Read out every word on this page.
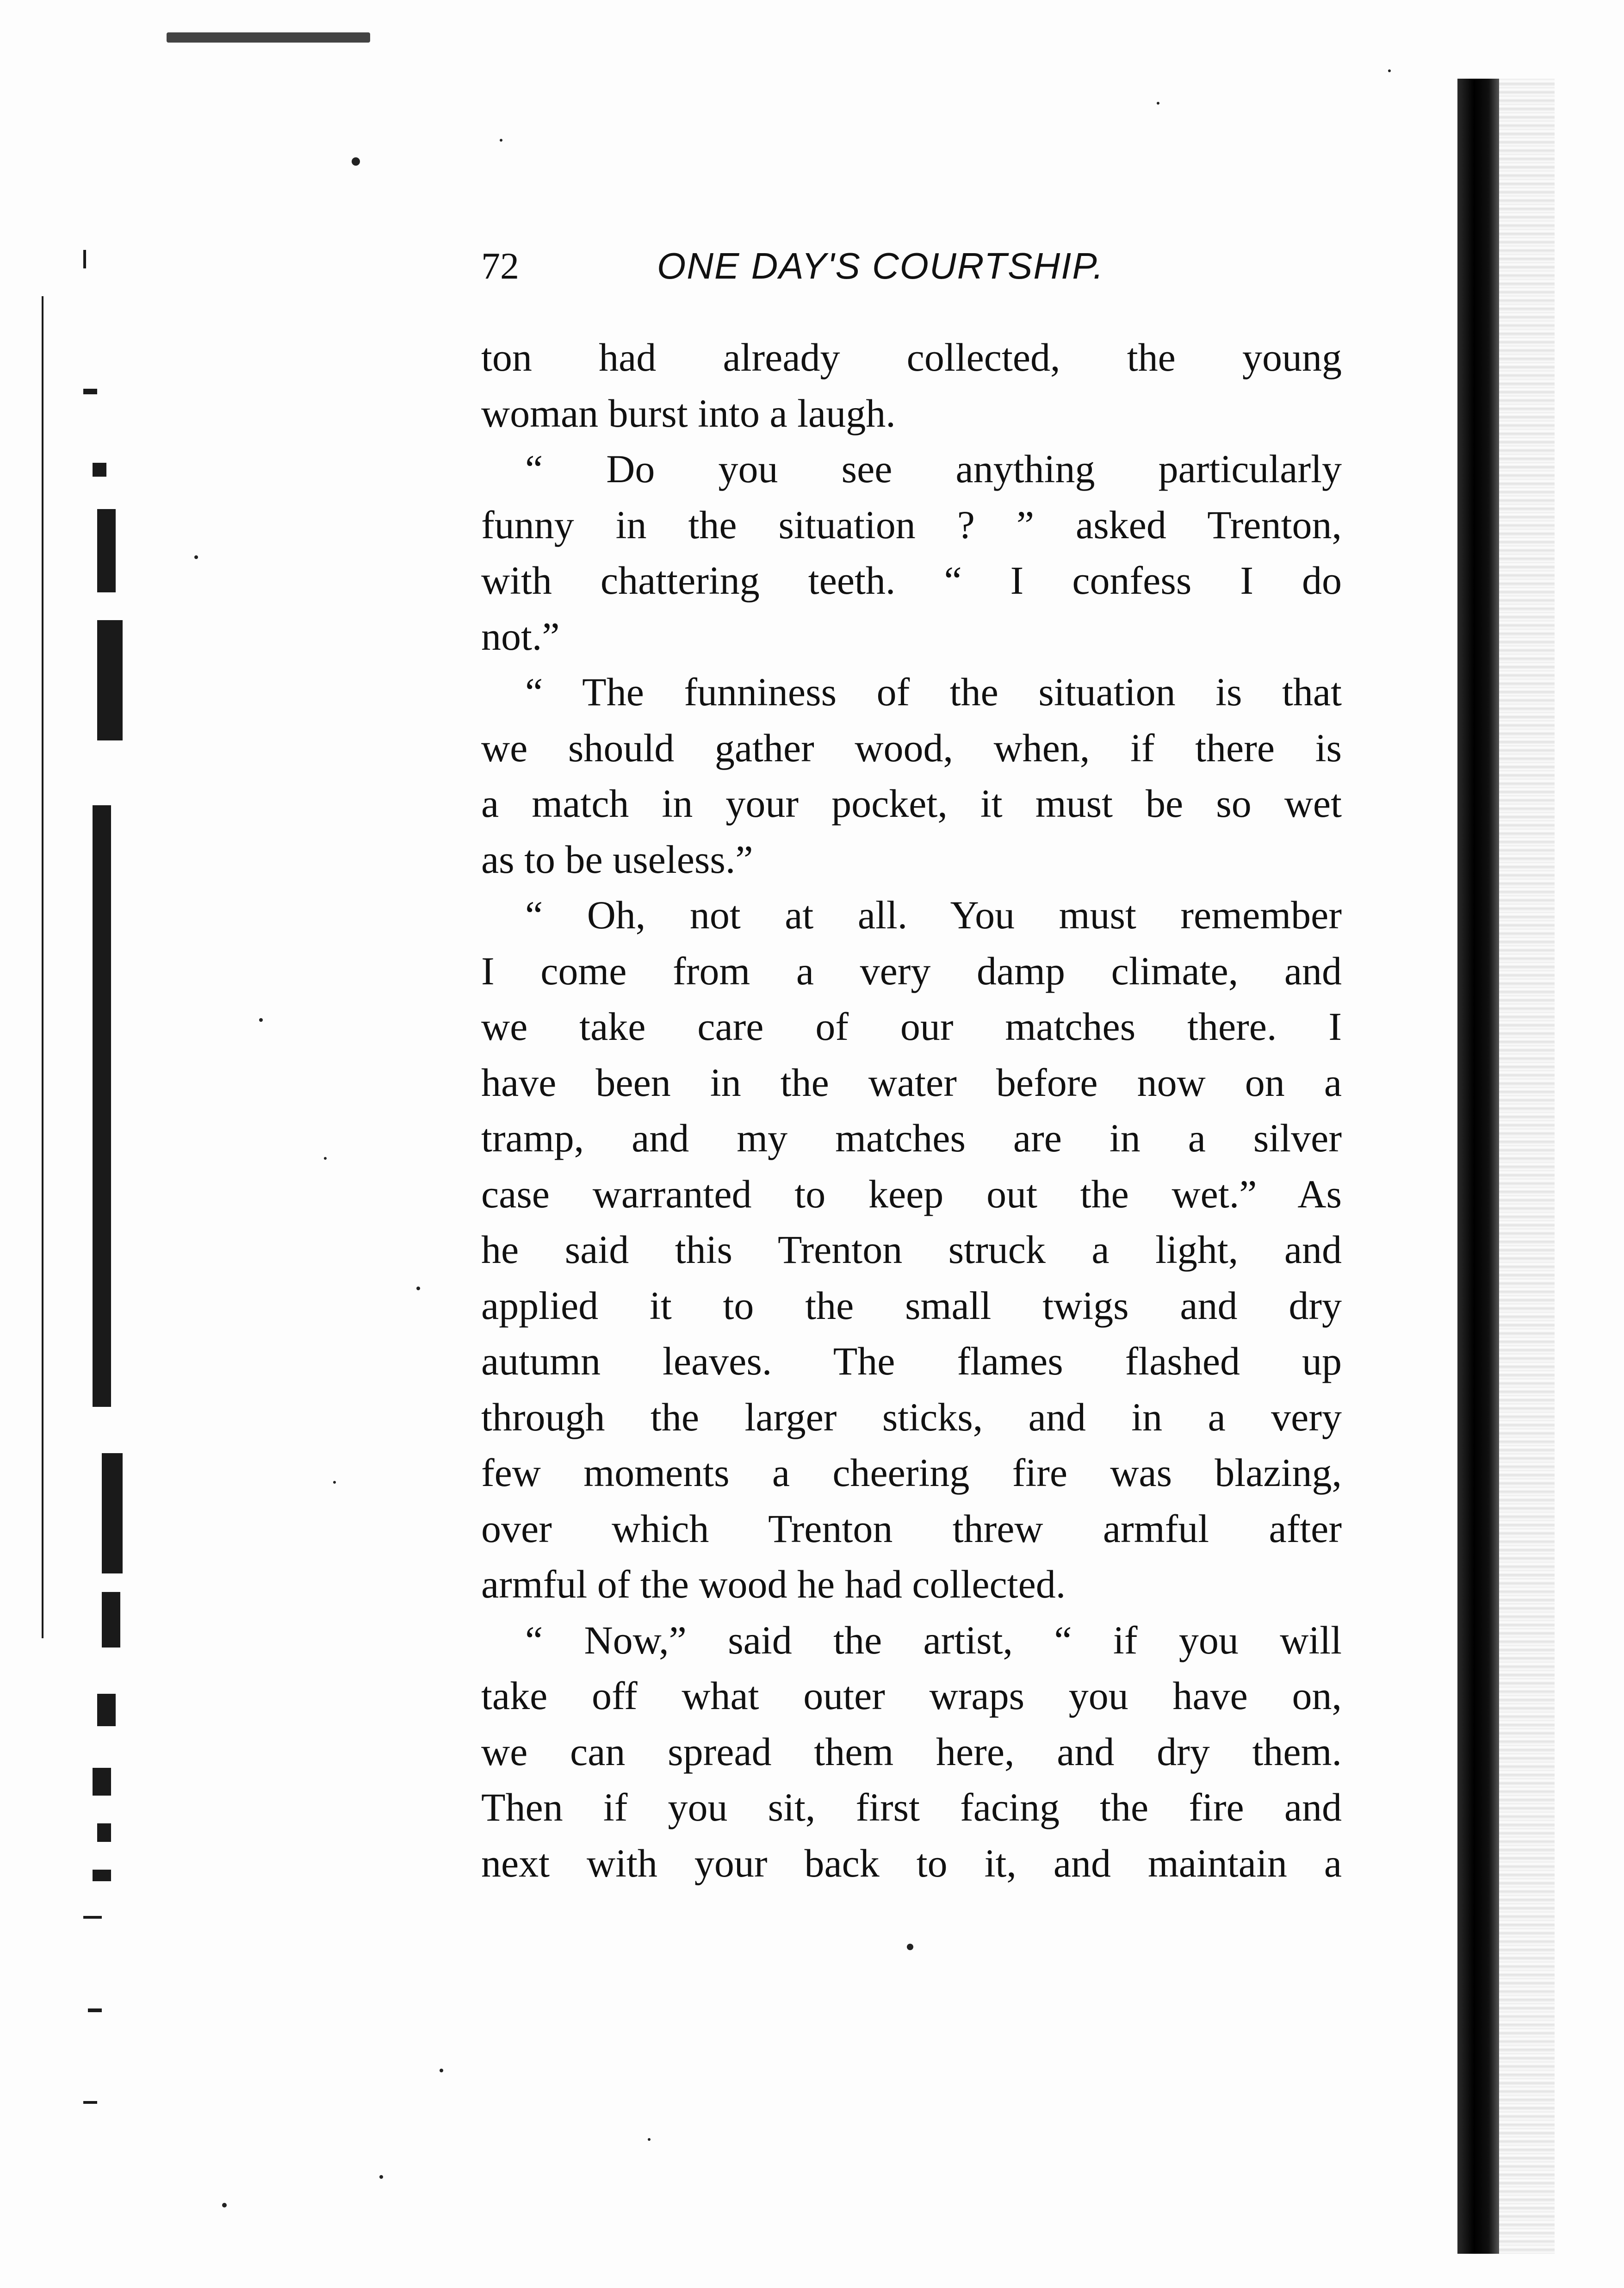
72	ONE DAY'S COURTSHIP.
ton had already collected, the young
woman burst into a laugh.
“ Do you see anything particularly
funny in the situation ? ” asked Trenton,
with chattering teeth. “ I confess I do
not.”
“ The funniness of the situation is that
we should gather wood, when, if there is
a match in your pocket, it must be so wet
as to be useless.”
“ Oh, not at all. You must remember
I come from a very damp climate, and
we take care of our matches there. I
have been in the water before now on a
tramp, and my matches are in a silver
case warranted to keep out the wet.” As
he said this Trenton struck a light, and
applied it to the small twigs and dry
autumn leaves. The flames flashed up
through the larger sticks, and in a very
few moments a cheering fire was blazing,
over which Trenton threw armful after
armful of the wood he had collected.
“ Now,” said the artist, “ if you will
take off what outer wraps you have on,
we can spread them here, and dry them.
Then if you sit, first facing the fire and
next with your back to it, and maintain a
